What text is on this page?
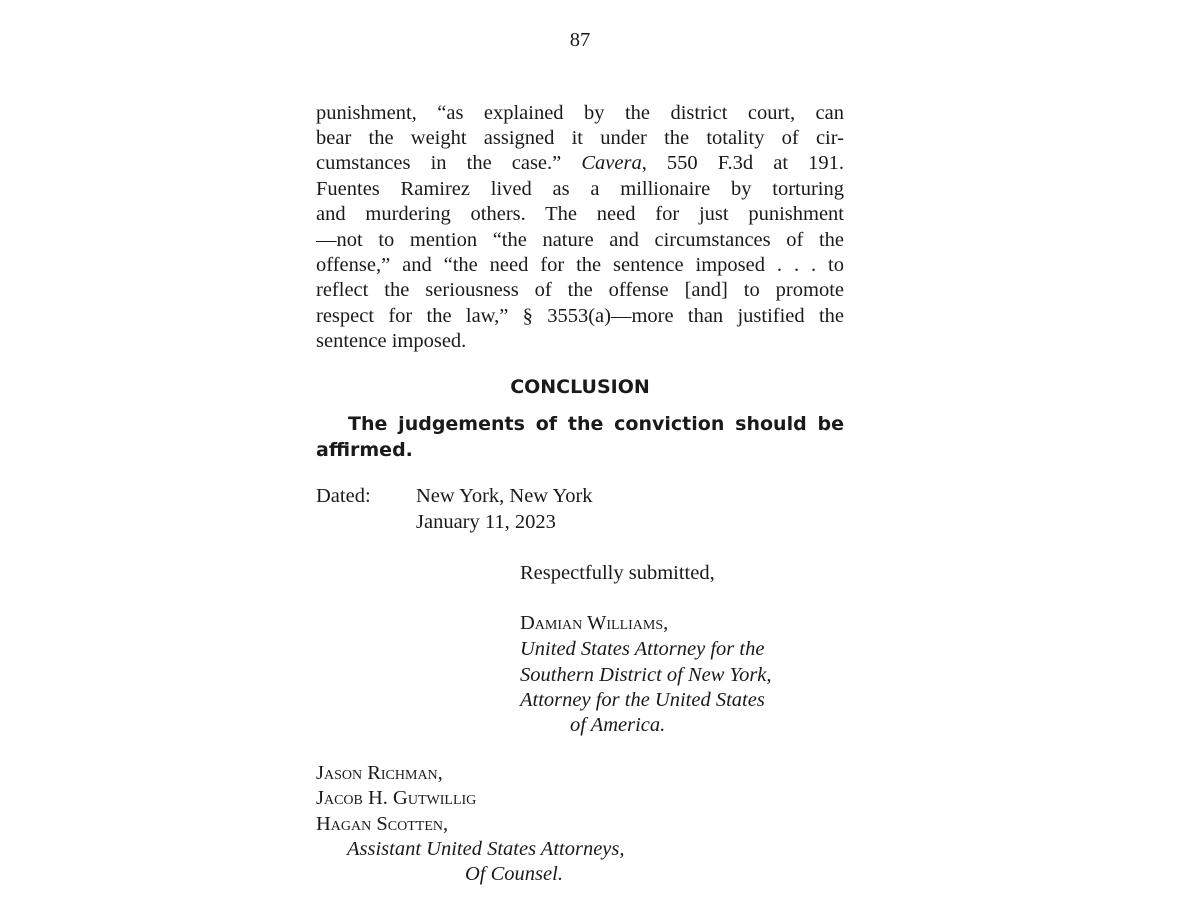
87
punishment, “as explained by the district court, can
bear the weight assigned it under the totality of cir-
cumstances in the case.” Cavera, 550 F.3d at 191.
Fuentes Ramirez lived as a millionaire by torturing
and murdering others. The need for just punishment
—not to mention “the nature and circumstances of the
offense,” and “the need for the sentence imposed . . . to
reflect the seriousness of the offense [and] to promote
respect for the law,” § 3553(a)—more than justified the
sentence imposed.
CONCLUSION
The judgements of the conviction should be
affirmed.
Dated: New York, New York
January 11, 2023
Respectfully submitted,
Damian Williams,
United States Attorney for the
Southern District of New York,
Attorney for the United States
of America.
Jason Richman,
Jacob H. Gutwillig
Hagan Scotten,
Assistant United States Attorneys,
Of Counsel.
